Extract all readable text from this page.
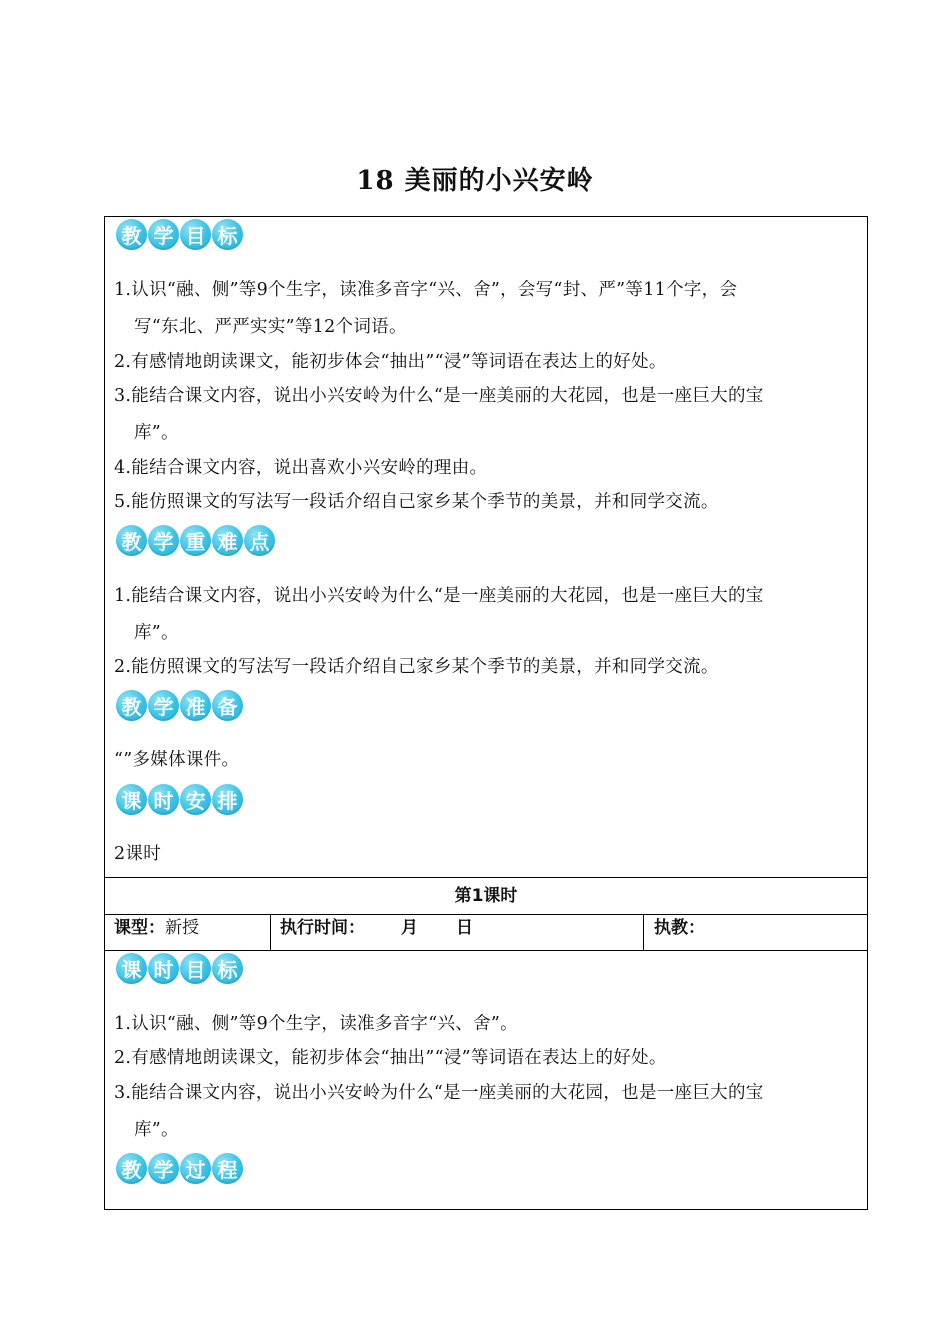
18 美丽的小兴安岭
教 学 目 标
1.认识“融、侧”等9个生字，读准多音字“兴、舍”，会写“封、严”等11个字，会
写“东北、严严实实”等12个词语。
2.有感情地朗读课文，能初步体会“抽出”“浸”等词语在表达上的好处。
3.能结合课文内容，说出小兴安岭为什么“是一座美丽的大花园，也是一座巨大的宝
库”。
4.能结合课文内容，说出喜欢小兴安岭的理由。
5.能仿照课文的写法写一段话介绍自己家乡某个季节的美景，并和同学交流。
教 学 重 难 点
1.能结合课文内容，说出小兴安岭为什么“是一座美丽的大花园，也是一座巨大的宝
库”。
2.能仿照课文的写法写一段话介绍自己家乡某个季节的美景，并和同学交流。
教 学 准 备
“”多媒体课件。
课 时 安 排
2课时
第1课时
课型：新授	执行时间： 月 日	执教：
课 时 目 标
1.认识“融、侧”等9个生字，读准多音字“兴、舍”。
2.有感情地朗读课文，能初步体会“抽出”“浸”等词语在表达上的好处。
3.能结合课文内容，说出小兴安岭为什么“是一座美丽的大花园，也是一座巨大的宝
库”。
教 学 过 程
